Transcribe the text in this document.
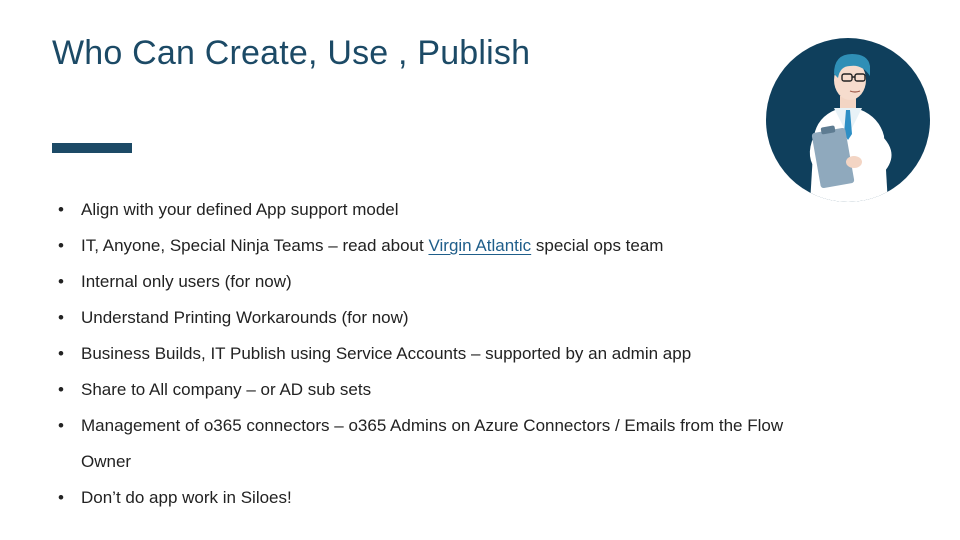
Who Can Create, Use , Publish
•	Align with your defined App support model
•	IT, Anyone, Special Ninja Teams – read about Virgin Atlantic special ops team
•	Internal only users (for now)
•	Understand Printing Workarounds (for now)
•	Business Builds, IT Publish using Service Accounts – supported by an admin app
•	Share to All company – or AD sub sets
•	Management of o365 connectors – o365 Admins on Azure Connectors / Emails from the Flow
Owner
•	Don’t do app work in Siloes!
